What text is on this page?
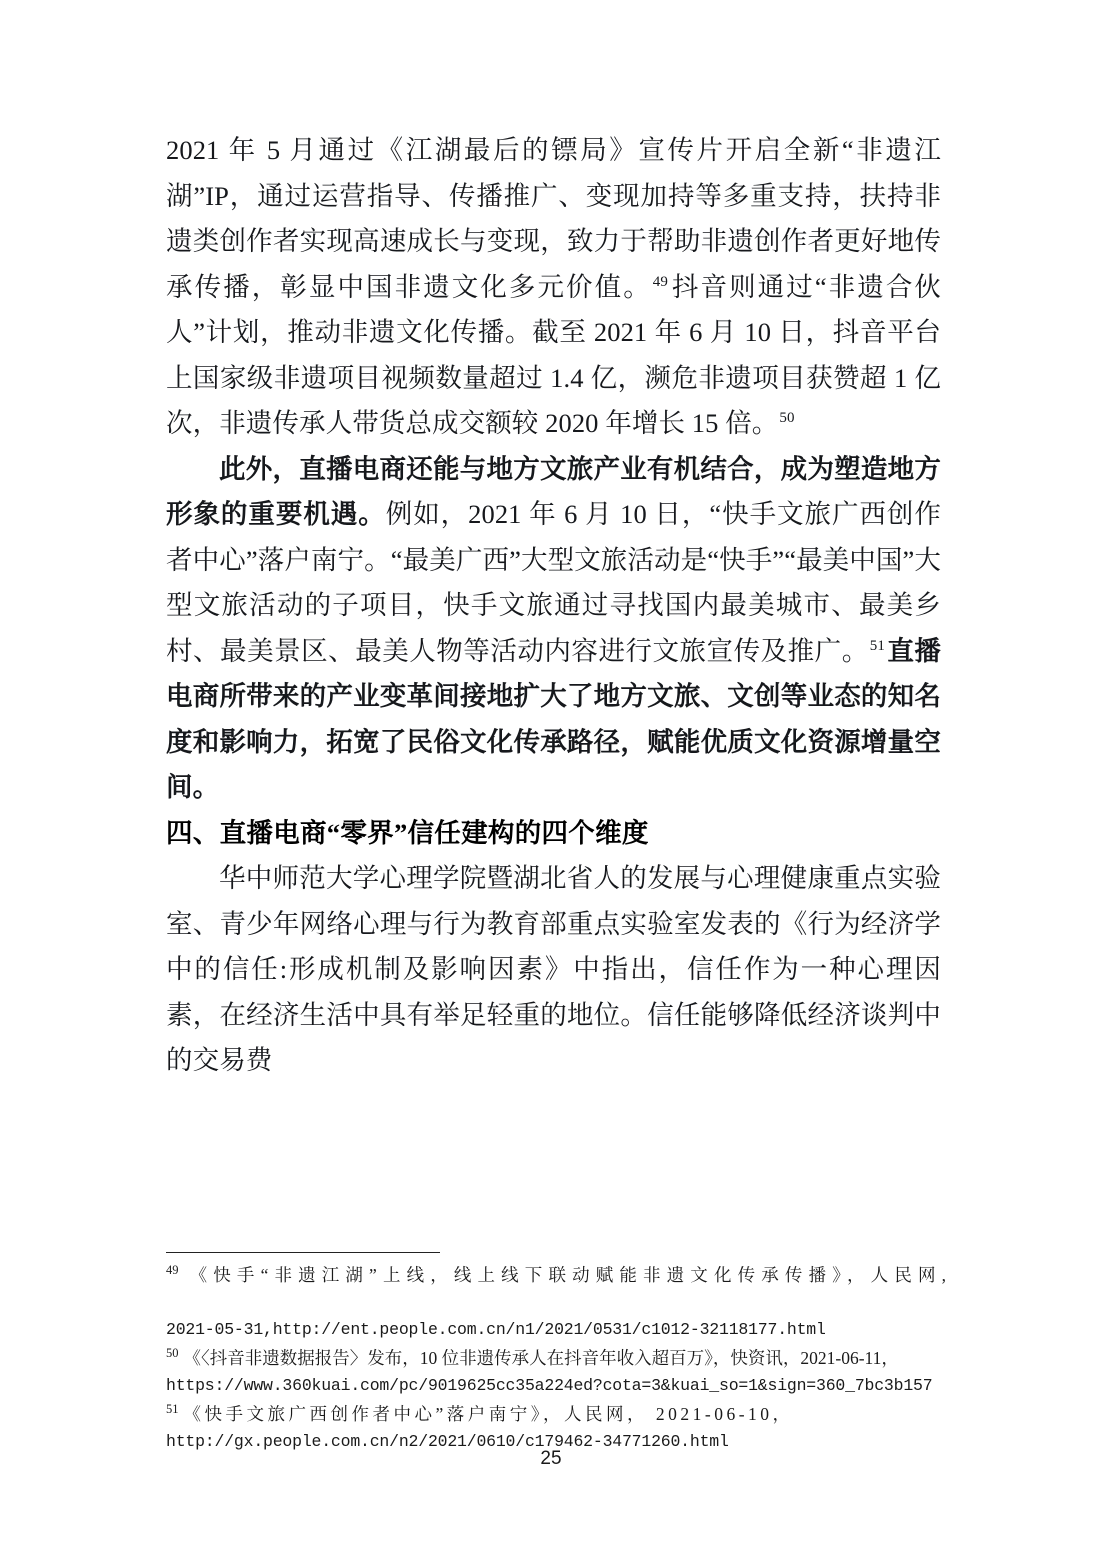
2021 年 5 月通过《江湖最后的镖局》宣传片开启全新“非遗江湖”IP，通过运营指导、传播推广、变现加持等多重支持，扶持非遗类创作者实现高速成长与变现，致力于帮助非遗创作者更好地传承传播，彰显中国非遗文化多元价值。$^{49}$抖音则通过“非遗合伙人”计划，推动非遗文化传播。截至 2021 年 6 月 10 日，抖音平台上国家级非遗项目视频数量超过 1.4 亿，濒危非遗项目获赞超 1 亿次，非遗传承人带货总成交额较 2020 年增长 15 倍。$^{50}$

此外，直播电商还能与地方文旅产业有机结合，成为塑造地方形象的重要机遇。例如，2021 年 6 月 10 日，“快手文旅广西创作者中心”落户南宁。“最美广西”大型文旅活动是“快手”“最美中国”大型文旅活动的子项目，快手文旅通过寻找国内最美城市、最美乡村、最美景区、最美人物等活动内容进行文旅宣传及推广。$^{51}$直播电商所带来的产业变革间接地扩大了地方文旅、文创等业态的知名度和影响力，拓宽了民俗文化传承路径，赋能优质文化资源增量空间。

四、直播电商“零界”信任建构的四个维度

华中师范大学心理学院暨湖北省人的发展与心理健康重点实验室、青少年网络心理与行为教育部重点实验室发表的《行为经济学中的信任:形成机制及影响因素》中指出，信任作为一种心理因素，在经济生活中具有举足轻重的地位。信任能够降低经济谈判中的交易费

$^{49}$ 《快手“非遗江湖”上线，线上线下联动赋能非遗文化传承传播》，人民网,2021-05-31,http://ent.people.com.cn/n1/2021/0531/c1012-32118177.html

$^{50}$ 《〈抖音非遗数据报告〉发布，10 位非遗传承人在抖音年收入超百万》，快资讯，2021-06-11，
https://www.360kuai.com/pc/9019625cc35a224ed?cota=3&kuai_so=1&sign=360_7bc3b157

$^{51}$ 《快手文旅广西创作者中心”落户南宁》，人民网， 2021-06-10，
http://gx.people.com.cn/n2/2021/0610/c179462-34771260.html

25
